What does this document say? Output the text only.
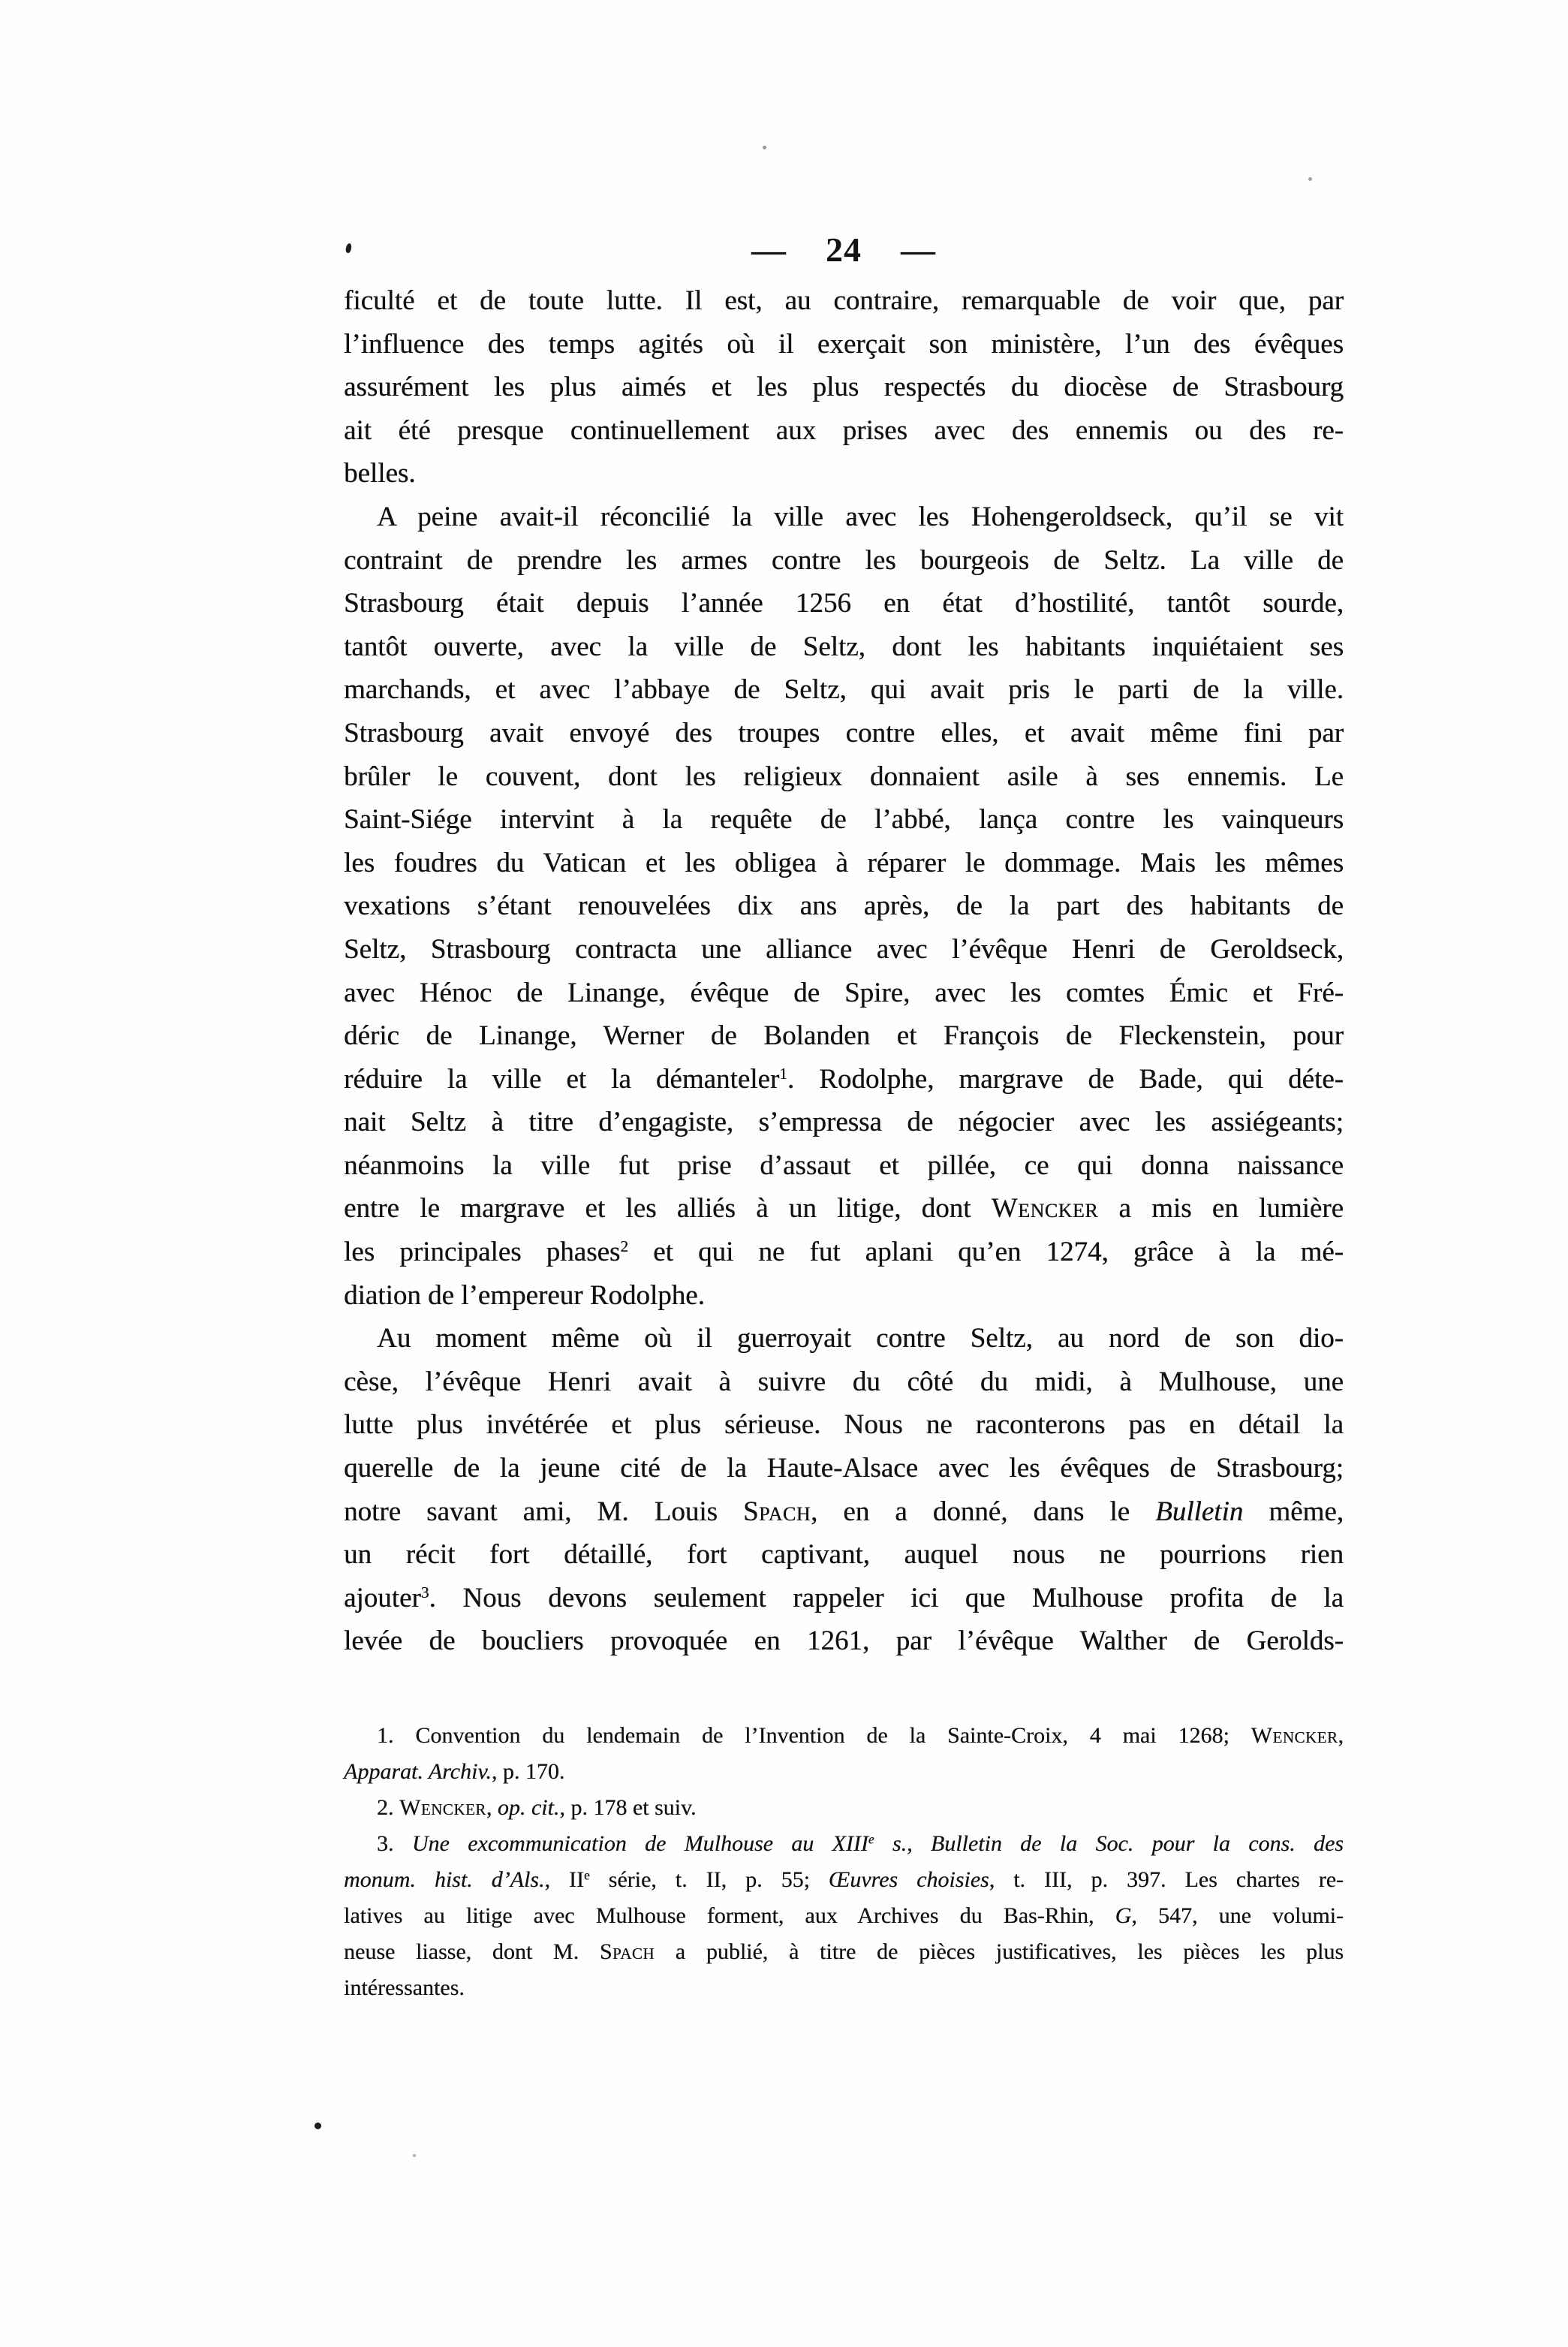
— 24 —
ficulté et de toute lutte. Il est, au contraire, remarquable de voir que, par
l’influence des temps agités où il exerçait son ministère, l’un des évêques
assurément les plus aimés et les plus respectés du diocèse de Strasbourg
ait été presque continuellement aux prises avec des ennemis ou des re-
belles.
A peine avait-il réconcilié la ville avec les Hohengeroldseck, qu’il se vit
contraint de prendre les armes contre les bourgeois de Seltz. La ville de
Strasbourg était depuis l’année 1256 en état d’hostilité, tantôt sourde,
tantôt ouverte, avec la ville de Seltz, dont les habitants inquiétaient ses
marchands, et avec l’abbaye de Seltz, qui avait pris le parti de la ville.
Strasbourg avait envoyé des troupes contre elles, et avait même fini par
brûler le couvent, dont les religieux donnaient asile à ses ennemis. Le
Saint-Siége intervint à la requête de l’abbé, lança contre les vainqueurs
les foudres du Vatican et les obligea à réparer le dommage. Mais les mêmes
vexations s’étant renouvelées dix ans après, de la part des habitants de
Seltz, Strasbourg contracta une alliance avec l’évêque Henri de Geroldseck,
avec Hénoc de Linange, évêque de Spire, avec les comtes Émic et Fré-
déric de Linange, Werner de Bolanden et François de Fleckenstein, pour
réduire la ville et la démanteler$^1$. Rodolphe, margrave de Bade, qui déte-
nait Seltz à titre d’engagiste, s’empressa de négocier avec les assiégeants;
néanmoins la ville fut prise d’assaut et pillée, ce qui donna naissance
entre le margrave et les alliés à un litige, dont Wencker a mis en lumière
les principales phases$^2$ et qui ne fut aplani qu’en 1274, grâce à la mé-
diation de l’empereur Rodolphe.
Au moment même où il guerroyait contre Seltz, au nord de son dio-
cèse, l’évêque Henri avait à suivre du côté du midi, à Mulhouse, une
lutte plus invétérée et plus sérieuse. Nous ne raconterons pas en détail la
querelle de la jeune cité de la Haute-Alsace avec les évêques de Strasbourg;
notre savant ami, M. Louis Spach, en a donné, dans le Bulletin même,
un récit fort détaillé, fort captivant, auquel nous ne pourrions rien
ajouter$^3$. Nous devons seulement rappeler ici que Mulhouse profita de la
levée de boucliers provoquée en 1261, par l’évêque Walther de Gerolds-
1. Convention du lendemain de l’Invention de la Sainte-Croix, 4 mai 1268; Wencker,
Apparat. Archiv., p. 170.
2. Wencker, op. cit., p. 178 et suiv.
3. Une excommunication de Mulhouse au XIIIe s., Bulletin de la Soc. pour la cons. des
monum. hist. d’Als., IIe série, t. II, p. 55; Œuvres choisies, t. III, p. 397. Les chartes re-
latives au litige avec Mulhouse forment, aux Archives du Bas-Rhin, G, 547, une volumi-
neuse liasse, dont M. Spach a publié, à titre de pièces justificatives, les pièces les plus
intéressantes.
